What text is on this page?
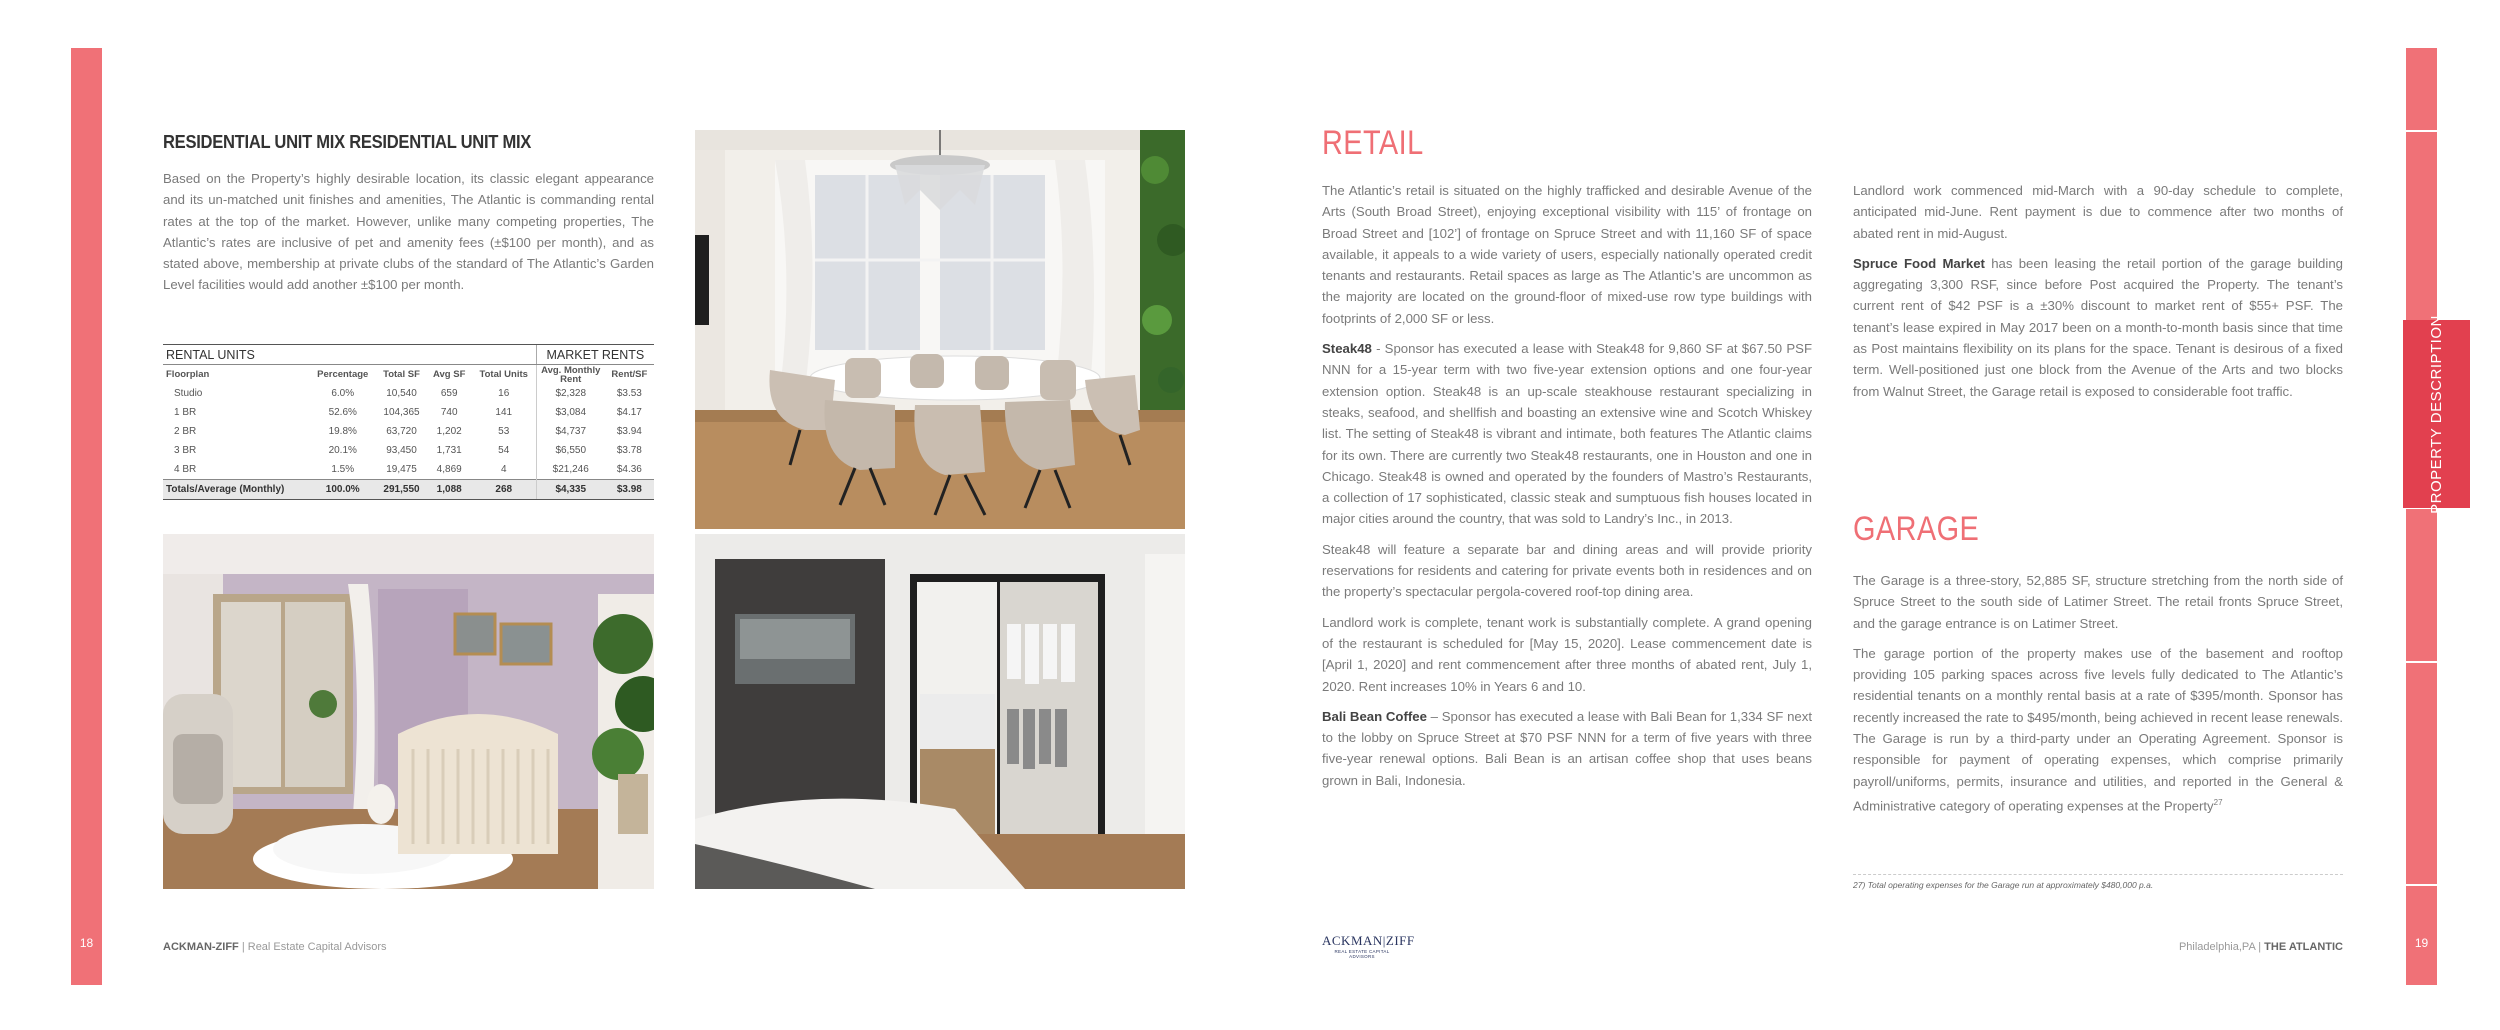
18	19
PROPERTY DESCRIPTION
RESIDENTIAL UNIT MIX RESIDENTIAL UNIT MIX

Based on the Property’s highly desirable location, its classic elegant appearance and its un-matched unit finishes and amenities, The Atlantic is commanding rental rates at the top of the market. However, unlike many competing properties, The Atlantic’s rates are inclusive of pet and amenity fees (±$100 per month), and as stated above, membership at private clubs of the standard of The Atlantic’s Garden Level facilities would add another ±$100 per month.

RENTAL UNITS					MARKET RENTS	
Floorplan	Percentage	Total SF	Avg SF	Total Units	Avg. Monthly Rent	Rent/SF
Studio	6.0%	10,540	659	16	$2,328	$3.53
1 BR	52.6%	104,365	740	141	$3,084	$4.17
2 BR	19.8%	63,720	1,202	53	$4,737	$3.94
3 BR	20.1%	93,450	1,731	54	$6,550	$3.78
4 BR	1.5%	19,475	4,869	4	$21,246	$4.36
Totals/Average (Monthly)	100.0%	291,550	1,088	268	$4,335	$3.98
ACKMAN-ZIFF | Real Estate Capital Advisors	ACKMAN|ZIFF
REAL ESTATE CAPITAL ADVISORS
RETAIL

The Atlantic’s retail is situated on the highly trafficked and desirable Avenue of the Arts (South Broad Street), enjoying exceptional visibility with 115’ of frontage on Broad Street and [102’] of frontage on Spruce Street and with 11,160 SF of space available, it appeals to a wide variety of users, especially nationally operated credit tenants and restaurants. Retail spaces as large as The Atlantic’s are uncommon as the majority are located on the ground-floor of mixed-use row type buildings with footprints of 2,000 SF or less.

Steak48 - Sponsor has executed a lease with Steak48 for 9,860 SF at $67.50 PSF NNN for a 15-year term with two five-year extension options and one four-year extension option. Steak48 is an up-scale steakhouse restaurant specializing in steaks, seafood, and shellfish and boasting an extensive wine and Scotch Whiskey list. The setting of Steak48 is vibrant and intimate, both features The Atlantic claims for its own. There are currently two Steak48 restaurants, one in Houston and one in Chicago. Steak48 is owned and operated by the founders of Mastro’s Restaurants, a collection of 17 sophisticated, classic steak and sumptuous fish houses located in major cities around the country, that was sold to Landry’s Inc., in 2013.

Steak48 will feature a separate bar and dining areas and will provide priority reservations for residents and catering for private events both in residences and on the property’s spectacular pergola-covered roof-top dining area.

Landlord work is complete, tenant work is substantially complete. A grand opening of the restaurant is scheduled for [May 15, 2020]. Lease commencement date is [April 1, 2020] and rent commencement after three months of abated rent, July 1, 2020. Rent increases 10% in Years 6 and 10.

Bali Bean Coffee – Sponsor has executed a lease with Bali Bean for 1,334 SF next to the lobby on Spruce Street at $70 PSF NNN for a term of five years with three five-year renewal options. Bali Bean is an artisan coffee shop that uses beans grown in Bali, Indonesia.

Landlord work commenced mid-March with a 90-day schedule to complete, anticipated mid-June. Rent payment is due to commence after two months of abated rent in mid-August.

Spruce Food Market has been leasing the retail portion of the garage building aggregating 3,300 RSF, since before Post acquired the Property. The tenant’s current rent of $42 PSF is a ±30% discount to market rent of $55+ PSF. The tenant’s lease expired in May 2017 been on a month-to-month basis since that time as Post maintains flexibility on its plans for the space. Tenant is desirous of a fixed term. Well-positioned just one block from the Avenue of the Arts and two blocks from Walnut Street, the Garage retail is exposed to considerable foot traffic.

GARAGE

The Garage is a three-story, 52,885 SF, structure stretching from the north side of Spruce Street to the south side of Latimer Street. The retail fronts Spruce Street, and the garage entrance is on Latimer Street.

The garage portion of the property makes use of the basement and rooftop providing 105 parking spaces across five levels fully dedicated to The Atlantic’s residential tenants on a monthly rental basis at a rate of $395/month. Sponsor has recently increased the rate to $495/month, being achieved in recent lease renewals. The Garage is run by a third-party under an Operating Agreement. Sponsor is responsible for payment of operating expenses, which comprise primarily payroll/uniforms, permits, insurance and utilities, and reported in the General & Administrative category of operating expenses at the Property$^{27}$

27) Total operating expenses for the Garage run at approximately $480,000 p.a.
Philadelphia,PA | THE ATLANTIC
